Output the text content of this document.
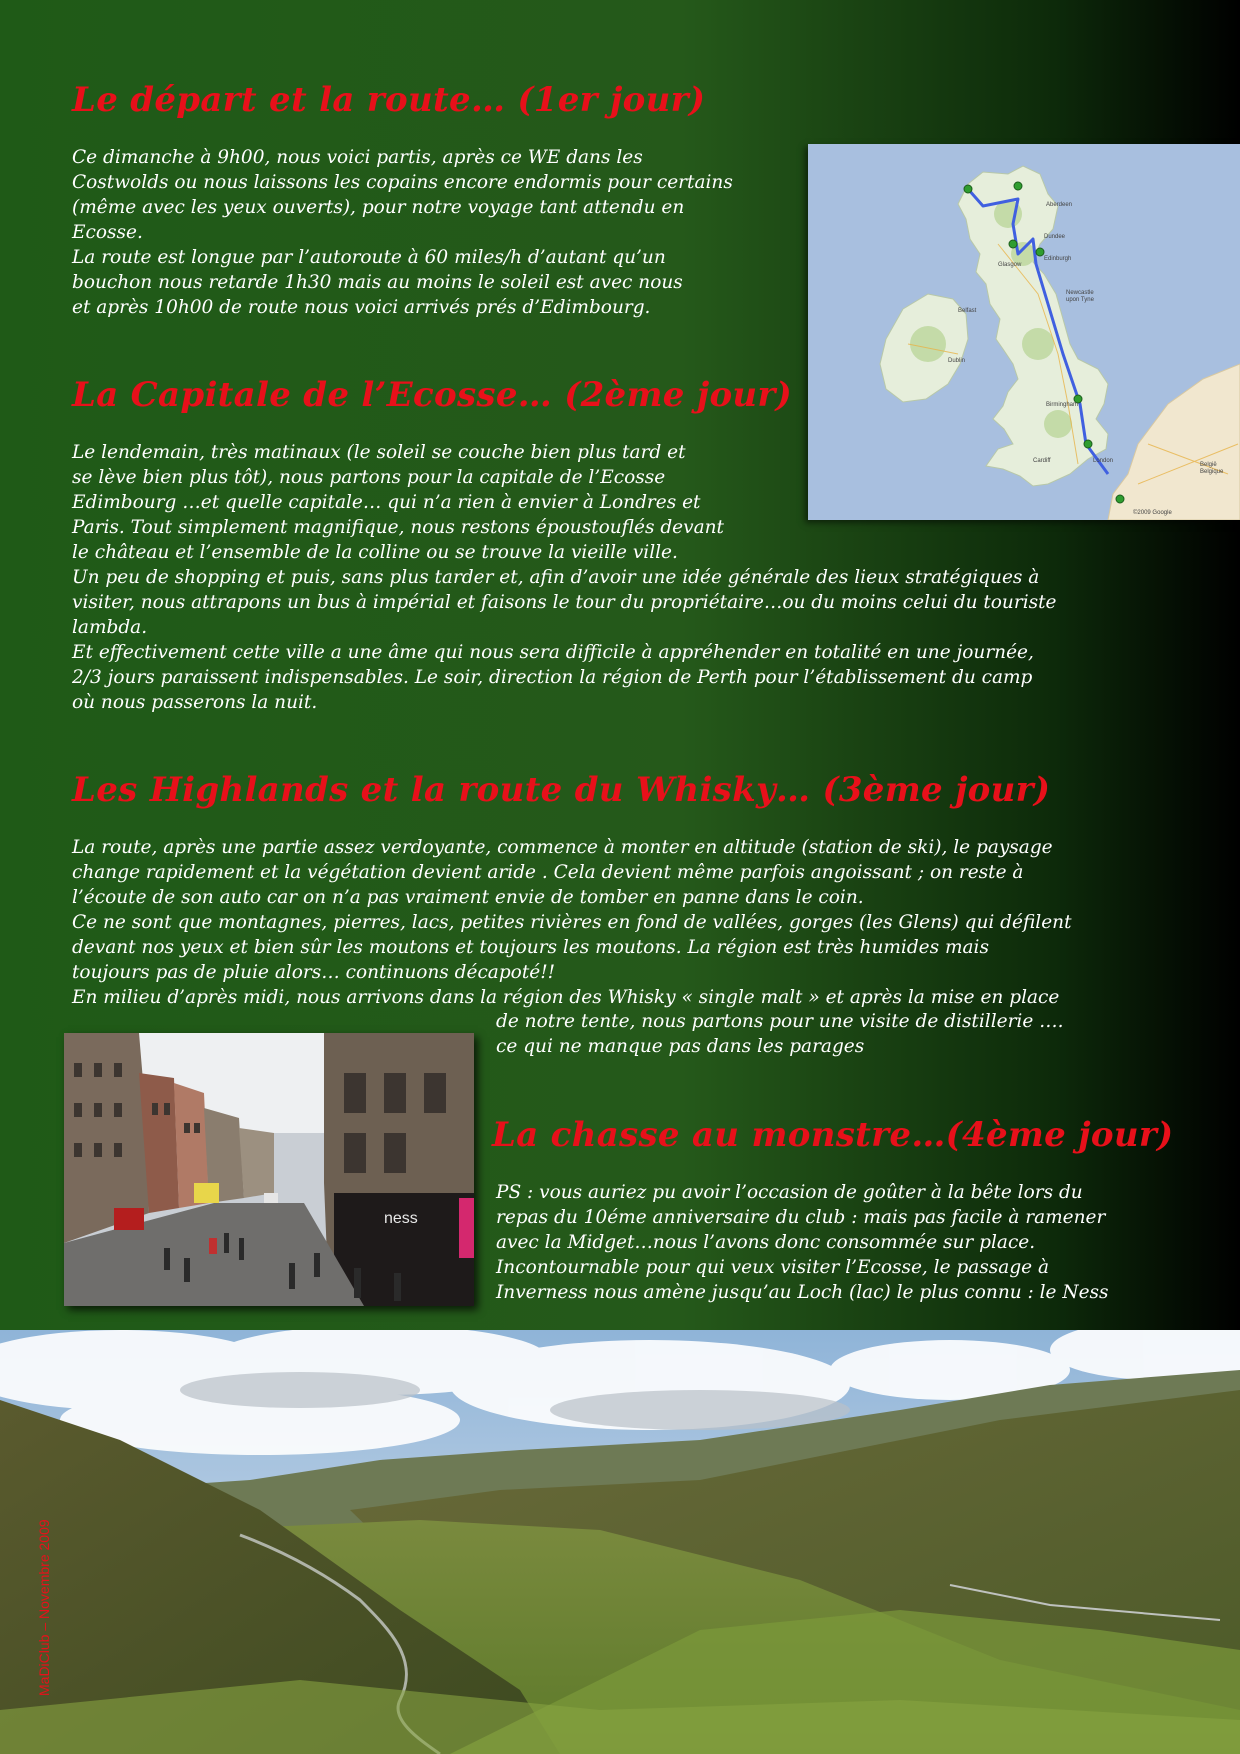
Le départ et la route… (1er jour)
Ce dimanche à 9h00, nous voici partis, après ce WE dans les
Costwolds ou nous laissons les copains encore endormis pour certains
(même avec les yeux ouverts), pour notre voyage tant attendu en
Ecosse.
La route est longue par l’autoroute à 60 miles/h d’autant qu’un
bouchon nous retarde 1h30 mais au moins le soleil est avec nous
et après 10h00 de route nous voici arrivés prés d’Edimbourg.
Aberdeen
Dundee
Edinburgh
Glasgow
Newcastle
upon Tyne
Belfast
Dublin
Birmingham
London
Cardiff
België
Belgique
©2009 Google
La Capitale de l’Ecosse… (2ème jour)
Le lendemain, très matinaux (le soleil se couche bien plus tard et
se lève bien plus tôt), nous partons pour la capitale de l’Ecosse
Edimbourg …et quelle capitale… qui n’a rien à envier à Londres et
Paris. Tout simplement magnifique, nous restons époustouflés devant
le château et l’ensemble de la colline ou se trouve la vieille ville.
Un peu de shopping et puis, sans plus tarder et, afin d’avoir une idée générale des lieux stratégiques à
visiter, nous attrapons un bus à impérial et faisons le tour du propriétaire…ou du moins celui du touriste
lambda.
Et effectivement cette ville a une âme qui nous sera difficile à appréhender en totalité en une journée,
2/3 jours paraissent indispensables. Le soir, direction la région de Perth pour l’établissement du camp
où nous passerons la nuit.
Les Highlands et la route du Whisky… (3ème jour)
La route, après une partie assez verdoyante, commence à monter en altitude (station de ski), le paysage
change rapidement et la végétation devient aride . Cela devient même parfois angoissant ; on reste à
l’écoute de son auto car on n’a pas vraiment envie de tomber en panne dans le coin.
Ce ne sont que montagnes, pierres, lacs, petites rivières en fond de vallées, gorges (les Glens) qui défilent
devant nos yeux et bien sûr les moutons et toujours les moutons. La région est très humides mais
toujours pas de pluie alors… continuons décapoté!!
En milieu d’après midi, nous arrivons dans la région des Whisky « single malt » et après la mise en place
de notre tente, nous partons pour une visite de distillerie ….
ce qui ne manque pas dans les parages
ness
La chasse au monstre…(4ème jour)
PS : vous auriez pu avoir l’occasion de goûter à la bête lors du
repas du 10éme anniversaire du club : mais pas facile à ramener
avec la Midget…nous l’avons donc consommée sur place.
Incontournable pour qui veux visiter l’Ecosse, le passage à
Inverness nous amène jusqu’au Loch (lac) le plus connu : le Ness
MaDiClub – Novembre 2009
